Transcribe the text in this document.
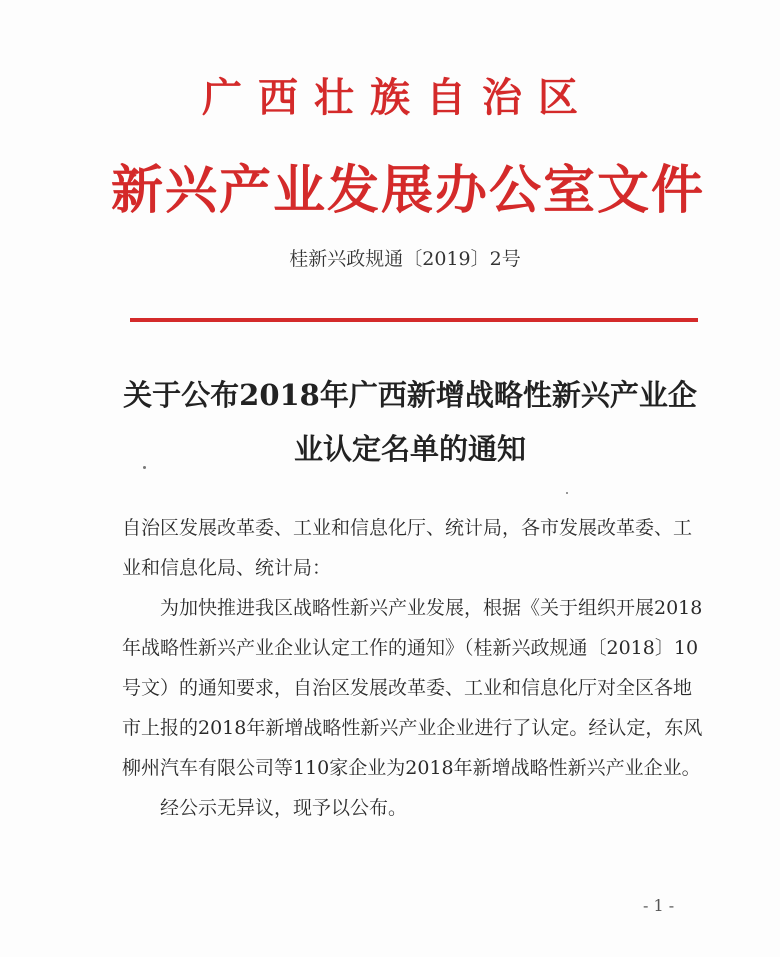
广西壮族自治区
新兴产业发展办公室文件
桂新兴政规通〔2019〕2号
关于公布2018年广西新增战略性新兴产业企
业认定名单的通知

自治区发展改革委、工业和信息化厅、统计局，各市发展改革委、工业和信息化局、统计局：

为加快推进我区战略性新兴产业发展，根据《关于组织开展2018年战略性新兴产业企业认定工作的通知》（桂新兴政规通〔2018〕10号文）的通知要求，自治区发展改革委、工业和信息化厅对全区各地市上报的2018年新增战略性新兴产业企业进行了认定。经认定，东风柳州汽车有限公司等110家企业为2018年新增战略性新兴产业企业。

经公示无异议，现予以公布。

- 1 -
